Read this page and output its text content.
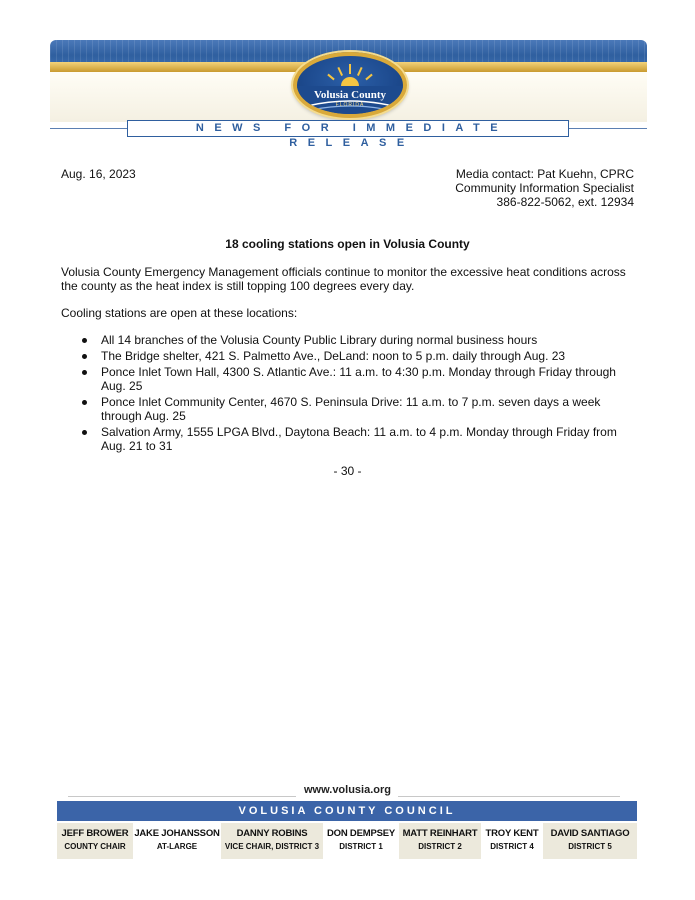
Volusia County
FLORIDA
NEWS FOR IMMEDIATE RELEASE
Aug. 16, 2023	Media contact: Pat Kuehn, CPRC
Community Information Specialist
386-822-5062, ext. 12934
18 cooling stations open in Volusia County

Volusia County Emergency Management officials continue to monitor the excessive heat conditions across the county as the heat index is still topping 100 degrees every day.

Cooling stations are open at these locations:

All 14 branches of the Volusia County Public Library during normal business hours
The Bridge shelter, 421 S. Palmetto Ave., DeLand: noon to 5 p.m. daily through Aug. 23
Ponce Inlet Town Hall, 4300 S. Atlantic Ave.: 11 a.m. to 4:30 p.m. Monday through Friday through Aug. 25
Ponce Inlet Community Center, 4670 S. Peninsula Drive: 11 a.m. to 7 p.m. seven days a week through Aug. 25
Salvation Army, 1555 LPGA Blvd., Daytona Beach: 11 a.m. to 4 p.m. Monday through Friday from Aug. 21 to 31
- 30 -
www.volusia.org
VOLUSIA COUNTY COUNCIL
JEFF BROWER
COUNTY CHAIR
JAKE JOHANSSON
AT-LARGE
DANNY ROBINS
VICE CHAIR, DISTRICT 3
DON DEMPSEY
DISTRICT 1
MATT REINHART
DISTRICT 2
TROY KENT
DISTRICT 4
DAVID SANTIAGO
DISTRICT 5
